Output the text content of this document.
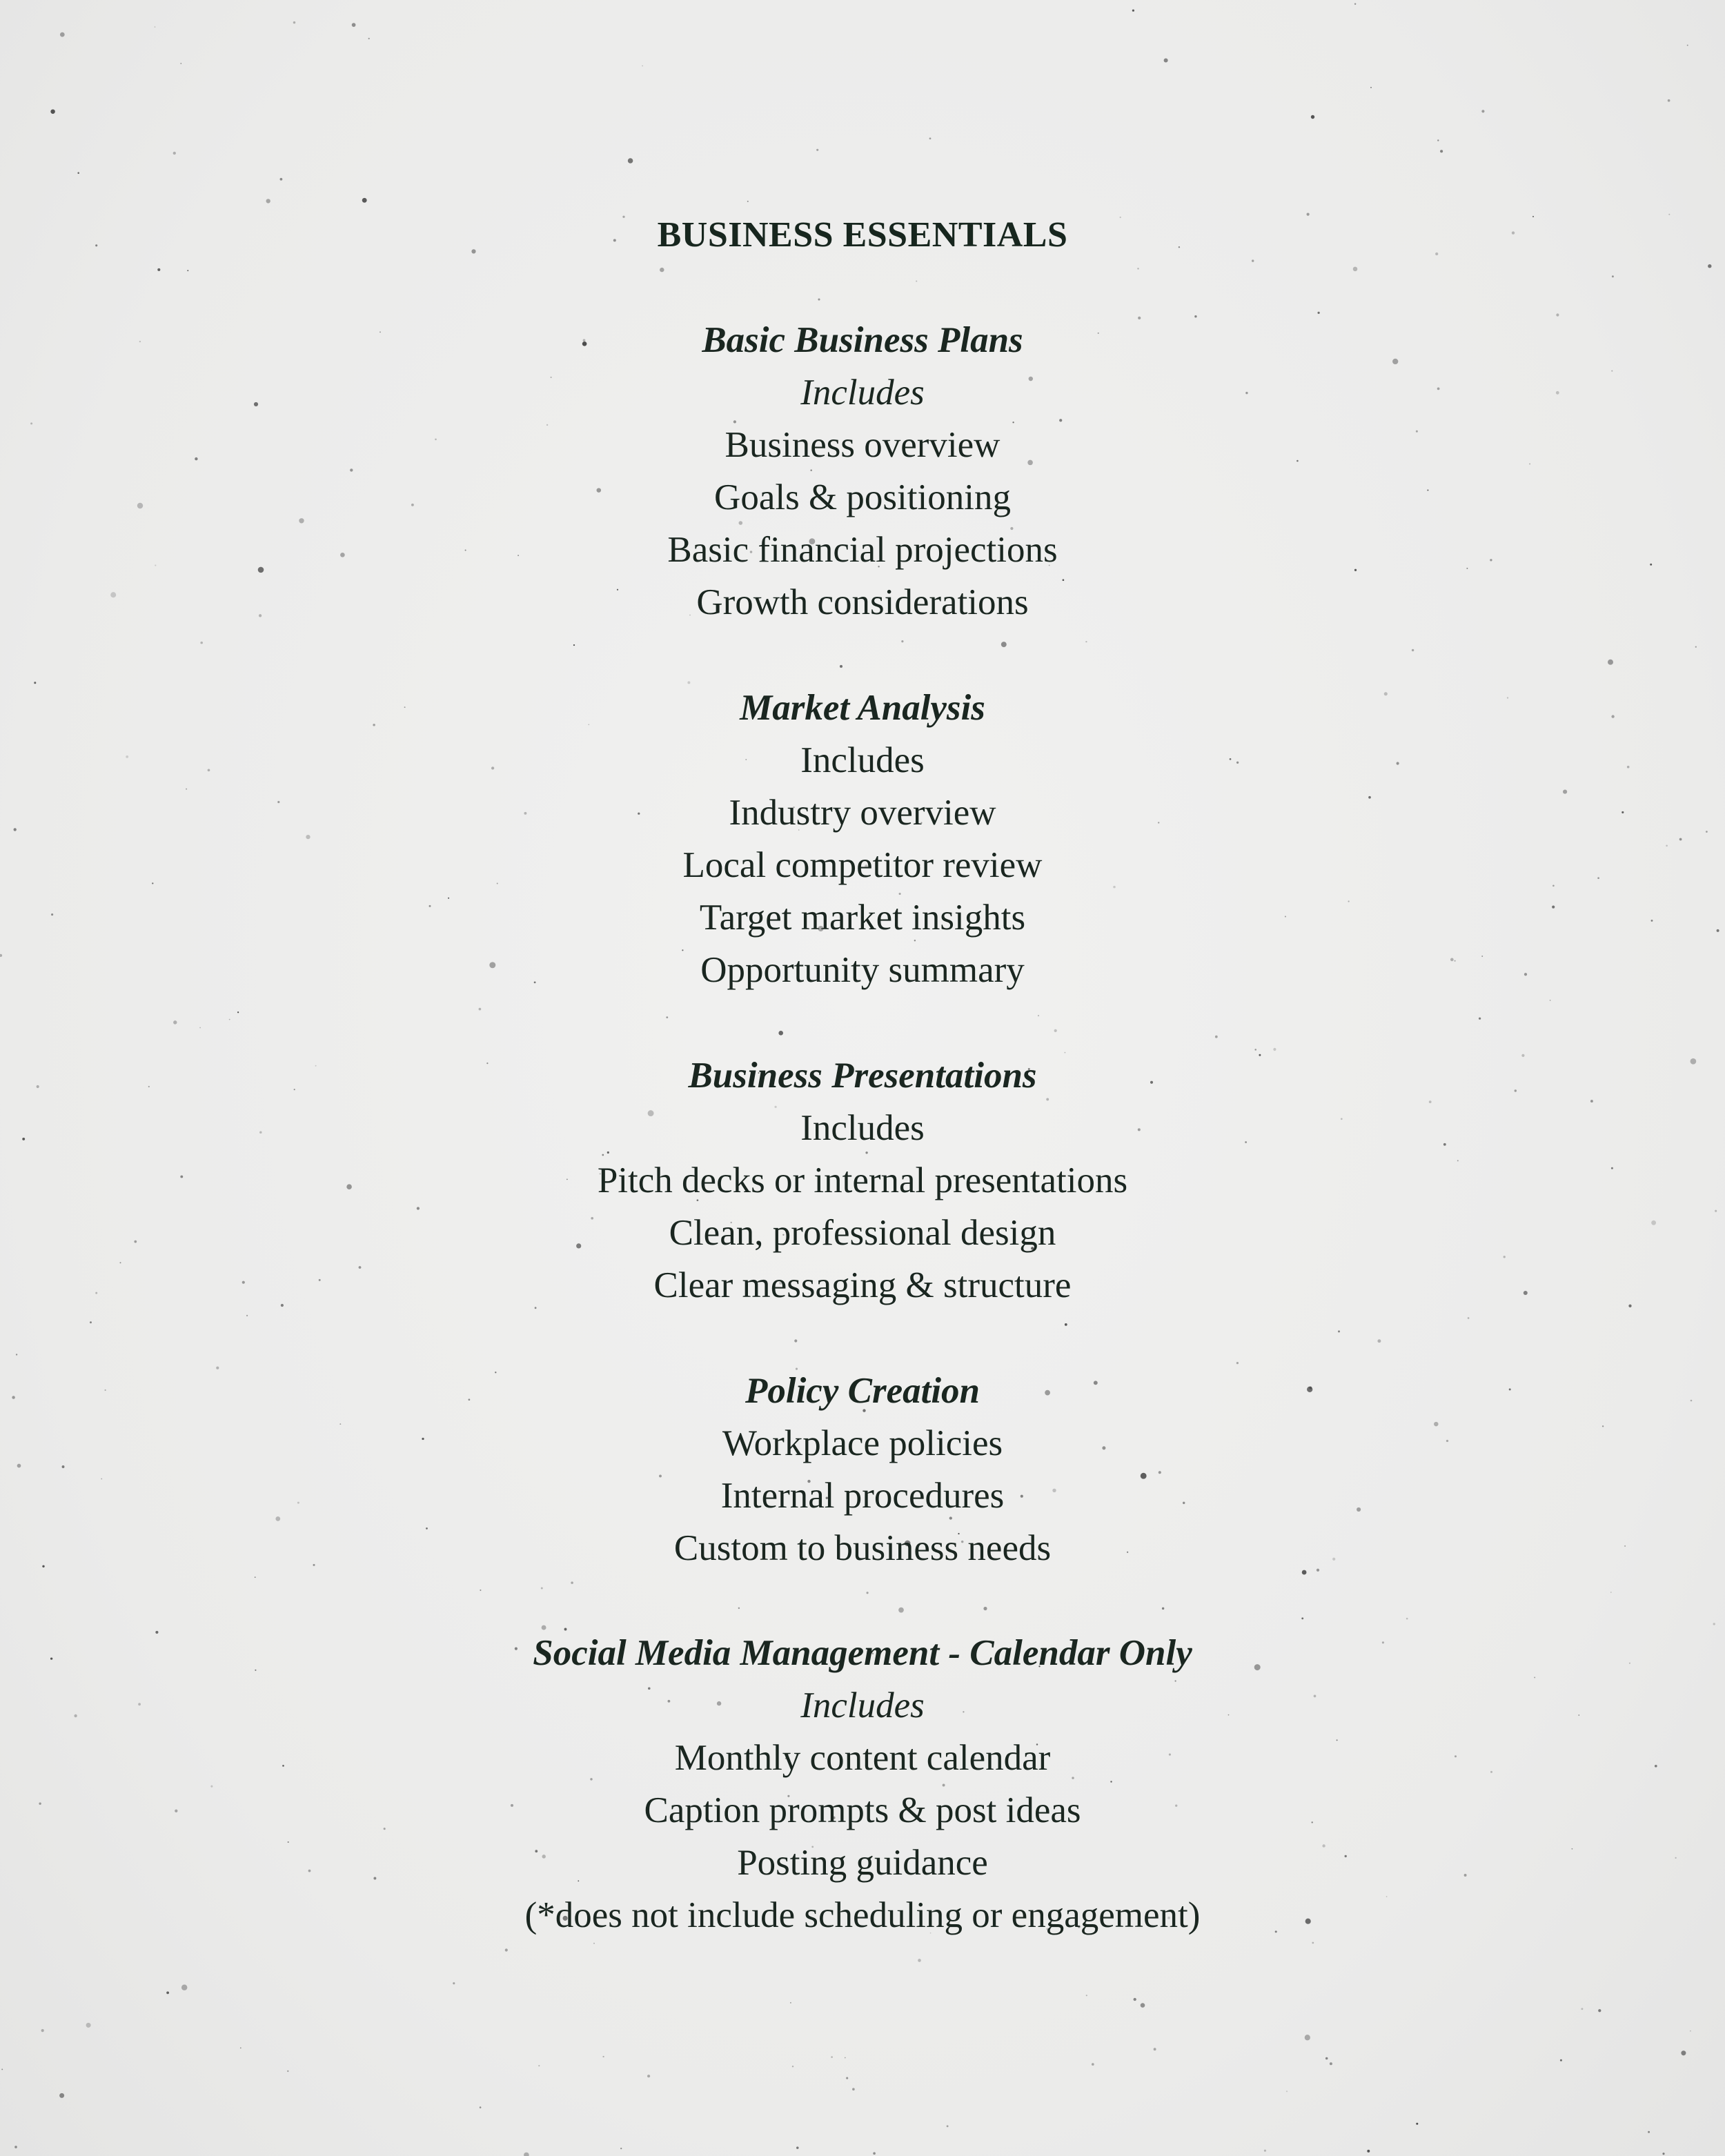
BUSINESS ESSENTIALS
Basic Business Plans
Includes
Business overview
Goals & positioning
Basic financial projections
Growth considerations
Market Analysis
Includes
Industry overview
Local competitor review
Target market insights
Opportunity summary
Business Presentations
Includes
Pitch decks or internal presentations
Clean, professional design
Clear messaging & structure
Policy Creation
Workplace policies
Internal procedures
Custom to business needs
Social Media Management - Calendar Only
Includes
Monthly content calendar
Caption prompts & post ideas
Posting guidance
(*does not include scheduling or engagement)
